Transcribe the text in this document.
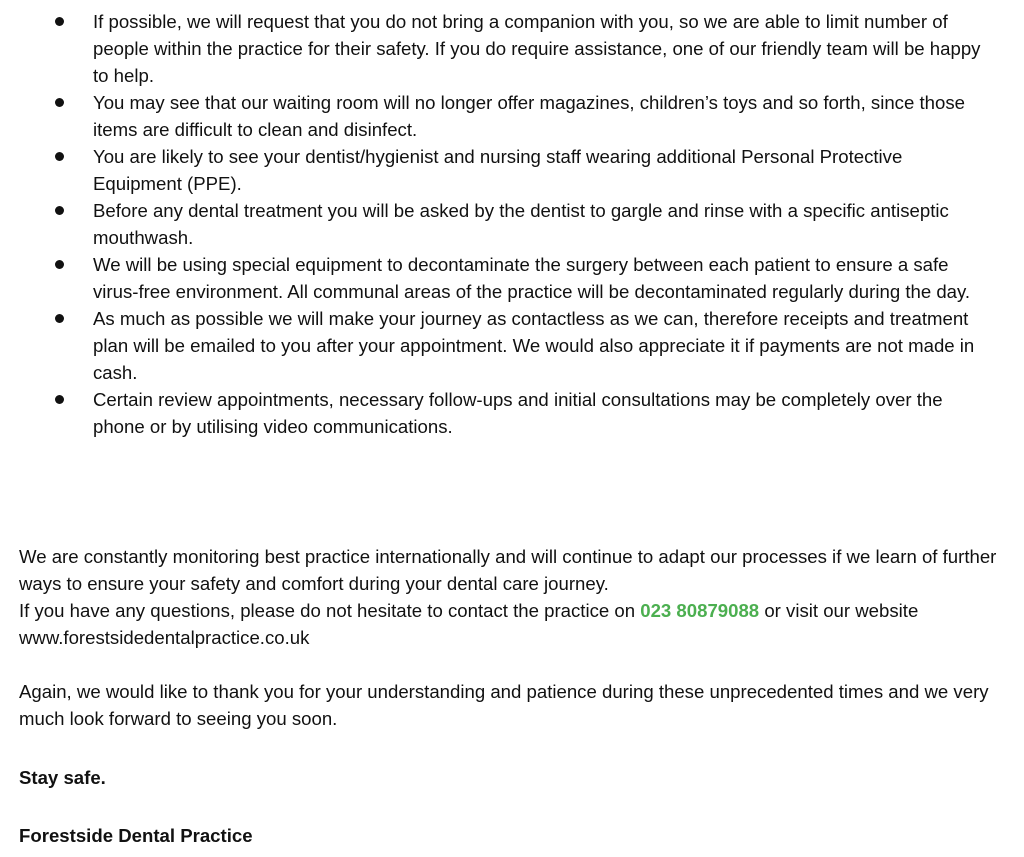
If possible, we will request that you do not bring a companion with you, so we are able to limit number of people within the practice for their safety. If you do require assistance, one of our friendly team will be happy to help.
You may see that our waiting room will no longer offer magazines, children’s toys and so forth, since those items are difficult to clean and disinfect.
You are likely to see your dentist/hygienist and nursing staff wearing additional Personal Protective Equipment (PPE).
Before any dental treatment you will be asked by the dentist to gargle and rinse with a specific antiseptic mouthwash.
We will be using special equipment to decontaminate the surgery between each patient to ensure a safe virus-free environment. All communal areas of the practice will be decontaminated regularly during the day.
As much as possible we will make your journey as contactless as we can, therefore receipts and treatment plan will be emailed to you after your appointment. We would also appreciate it if payments are not made in cash.
Certain review appointments, necessary follow-ups and initial consultations may be completely over the phone or by utilising video communications.

We are constantly monitoring best practice internationally and will continue to adapt our processes if we learn of further ways to ensure your safety and comfort during your dental care journey.
If you have any questions, please do not hesitate to contact the practice on 023 80879088 or visit our website
www.forestsidedentalpractice.co.uk

Again, we would like to thank you for your understanding and patience during these unprecedented times and we very much look forward to seeing you soon.

Stay safe.

Forestside Dental Practice
